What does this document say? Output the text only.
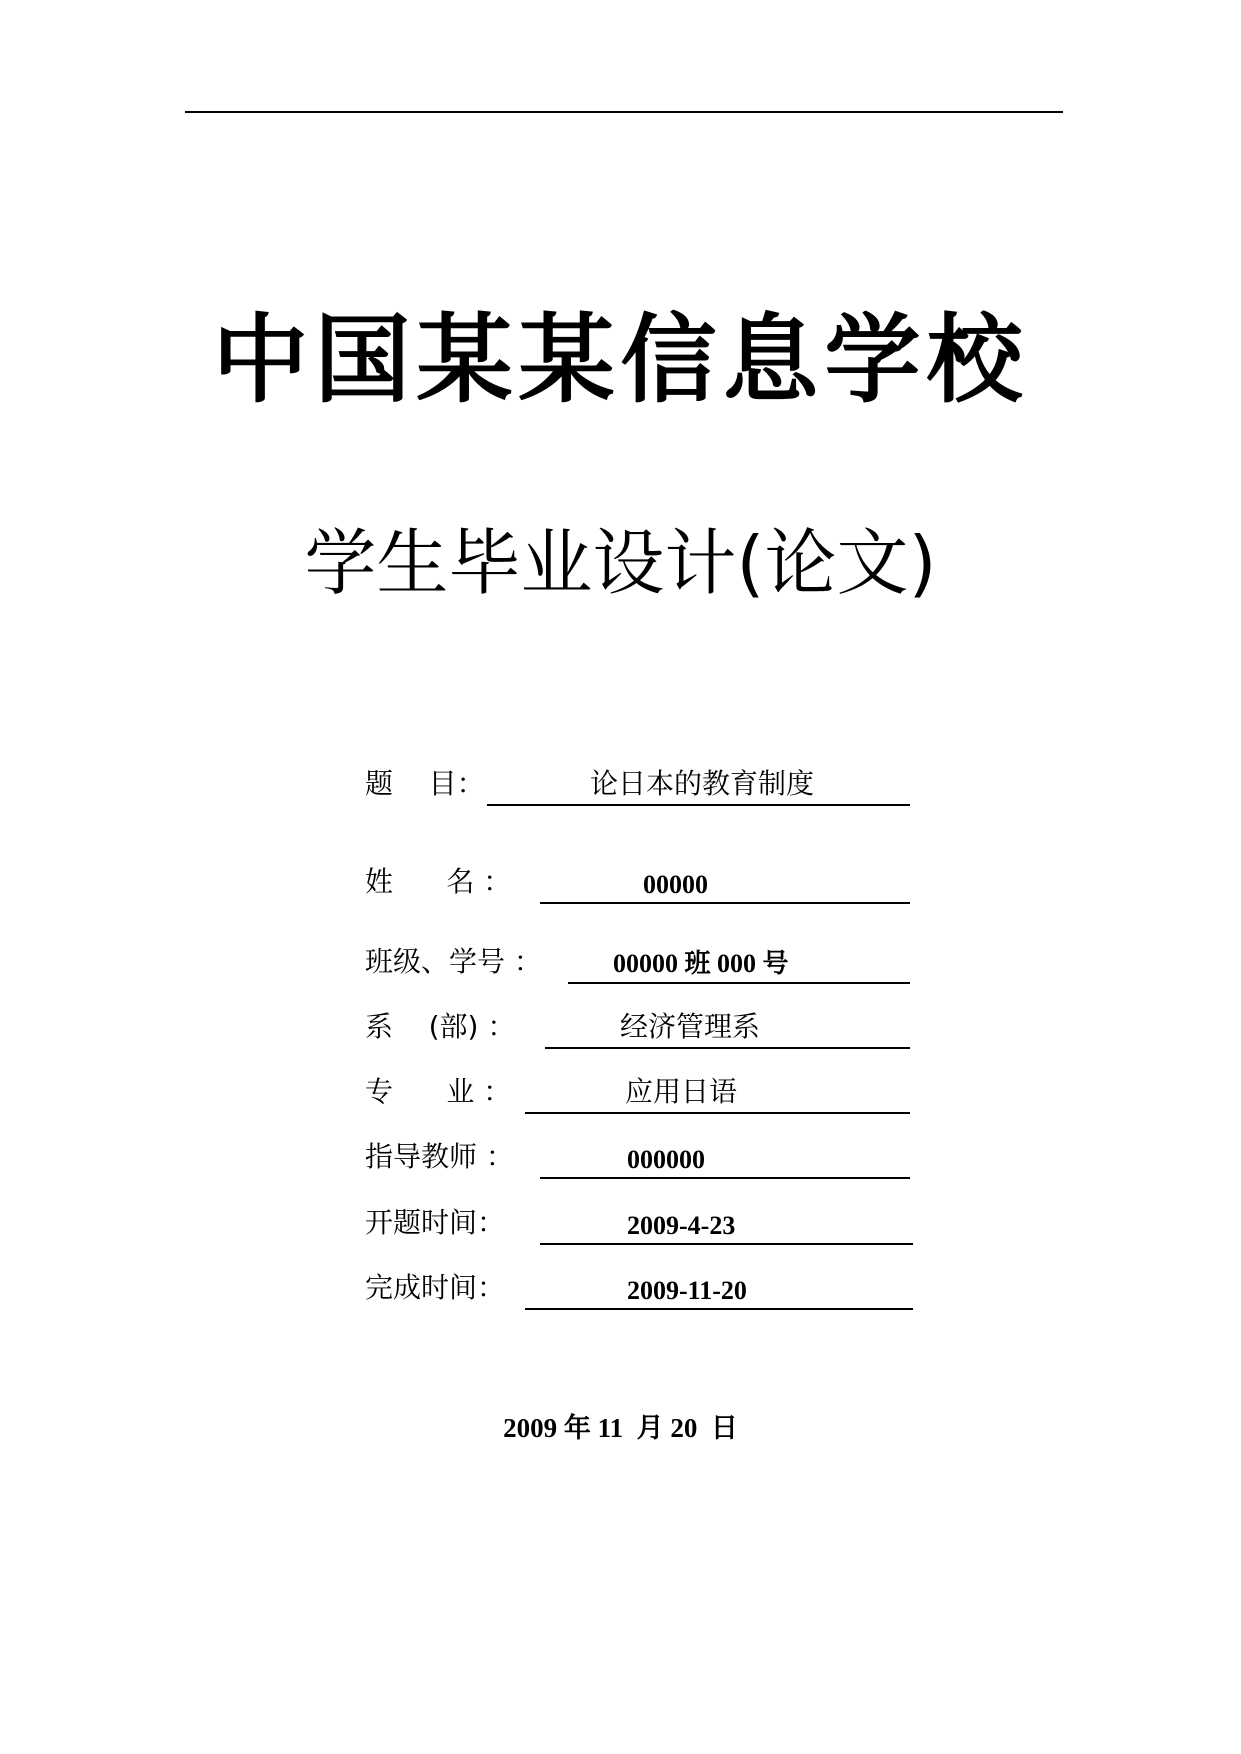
中国某某信息学校
学生毕业设计(论文)
题    目：	论日本的教育制度
姓      名 ：	00000
班级、学号 ：	00000 班 000 号
系    (部) ：	经济管理系
专      业 ：	应用日语
指导教师 ：	000000
开题时间：	2009-4-23
完成时间：	2009-11-20
2009 年 11  月 20  日
